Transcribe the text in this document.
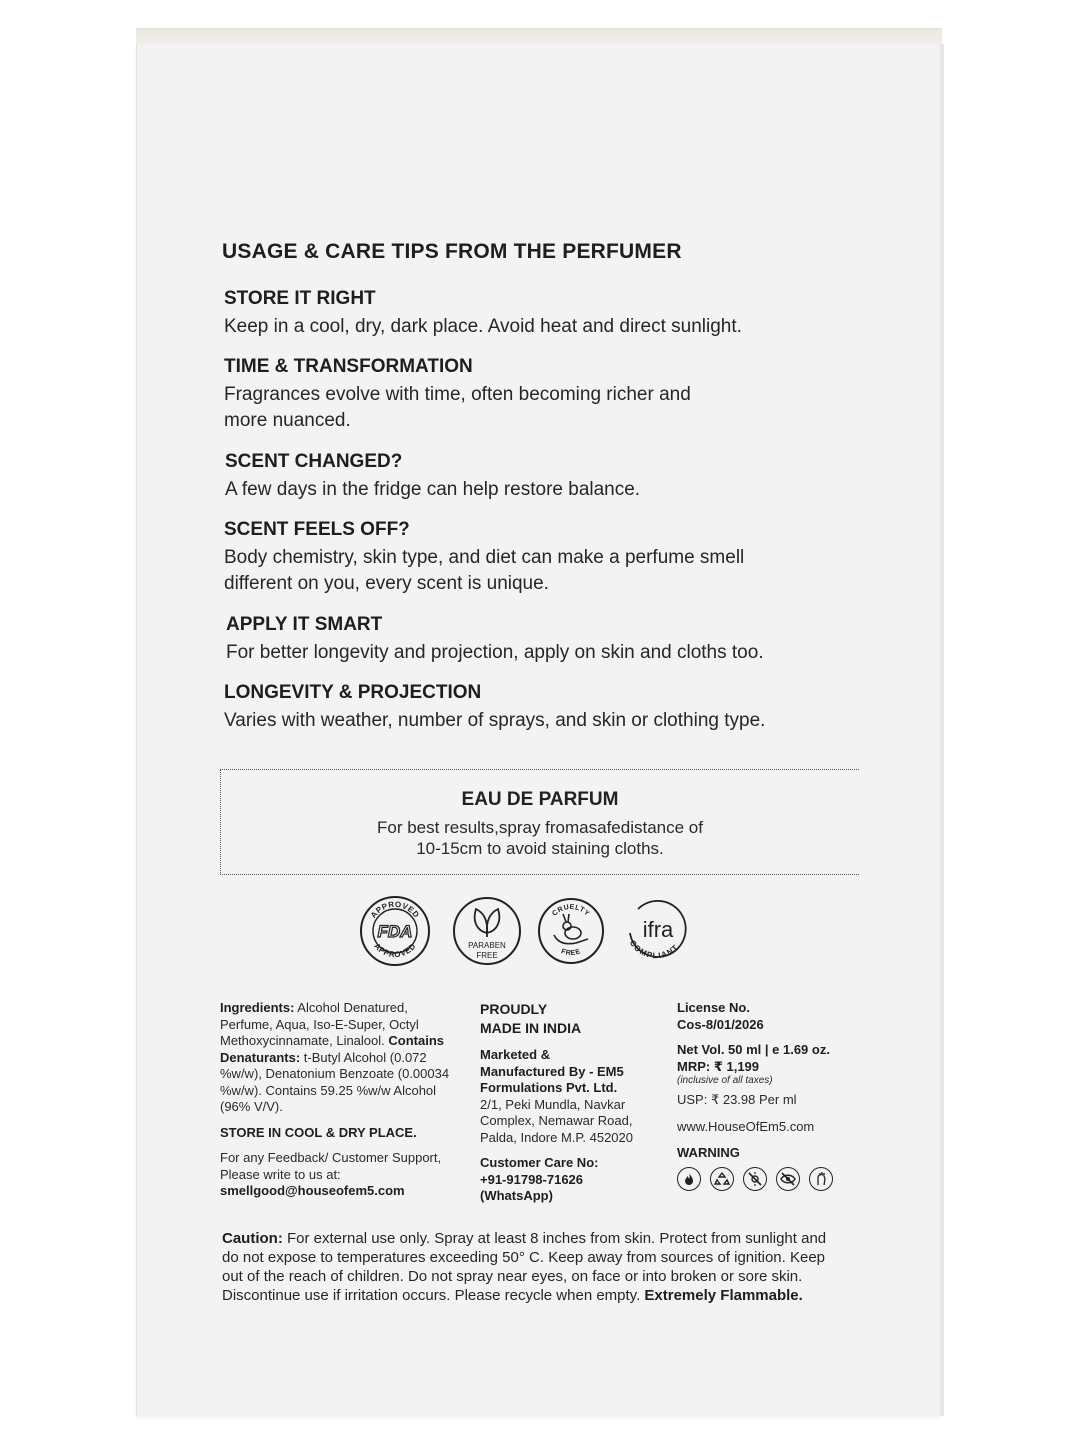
USAGE & CARE TIPS FROM THE PERFUMER
STORE IT RIGHT

Keep in a cool, dry, dark place. Avoid heat and direct sunlight.

TIME & TRANSFORMATION

Fragrances evolve with time, often becoming richer and
more nuanced.

SCENT CHANGED?

A few days in the fridge can help restore balance.

SCENT FEELS OFF?

Body chemistry, skin type, and diet can make a perfume smell
different on you, every scent is unique.

APPLY IT SMART

For better longevity and projection, apply on skin and cloths too.

LONGEVITY & PROJECTION

Varies with weather, number of sprays, and skin or clothing type.

EAU DE PARFUM

For best results,spray fromasafedistance of
10-15cm to avoid staining cloths.

APPROVED
APPROVED
FDA
PARABEN
FREE
CRUELTY
FREE
ifra
COMPLIANT
Ingredients: Alcohol Denatured, Perfume, Aqua, Iso-E-Super, Octyl Methoxycinnamate, Linalool. Contains Denaturants: t-Butyl Alcohol (0.072 %w/w), Denatonium Benzoate (0.00034 %w/w). Contains 59.25 %w/w Alcohol (96% V/V).
STORE IN COOL & DRY PLACE.
For any Feedback/ Customer Support, Please write to us at:
smellgood@houseofem5.com
PROUDLY
MADE IN INDIA
Marketed &
Manufactured By - EM5
Formulations Pvt. Ltd.
2/1, Peki Mundla, Navkar
Complex, Nemawar Road,
Palda, Indore M.P. 452020
Customer Care No:
+91-91798-71626
(WhatsApp)
License No.
Cos-8/01/2026
Net Vol. 50 ml | e 1.69 oz.
MRP: ₹ 1,199
(inclusive of all taxes)
USP: ₹ 23.98 Per ml
www.HouseOfEm5.com
WARNING
Caution: For external use only. Spray at least 8 inches from skin. Protect from sunlight and do not expose to temperatures exceeding 50° C. Keep away from sources of ignition. Keep out of the reach of children. Do not spray near eyes, on face or into broken or sore skin. Discontinue use if irritation occurs. Please recycle when empty. Extremely Flammable.
